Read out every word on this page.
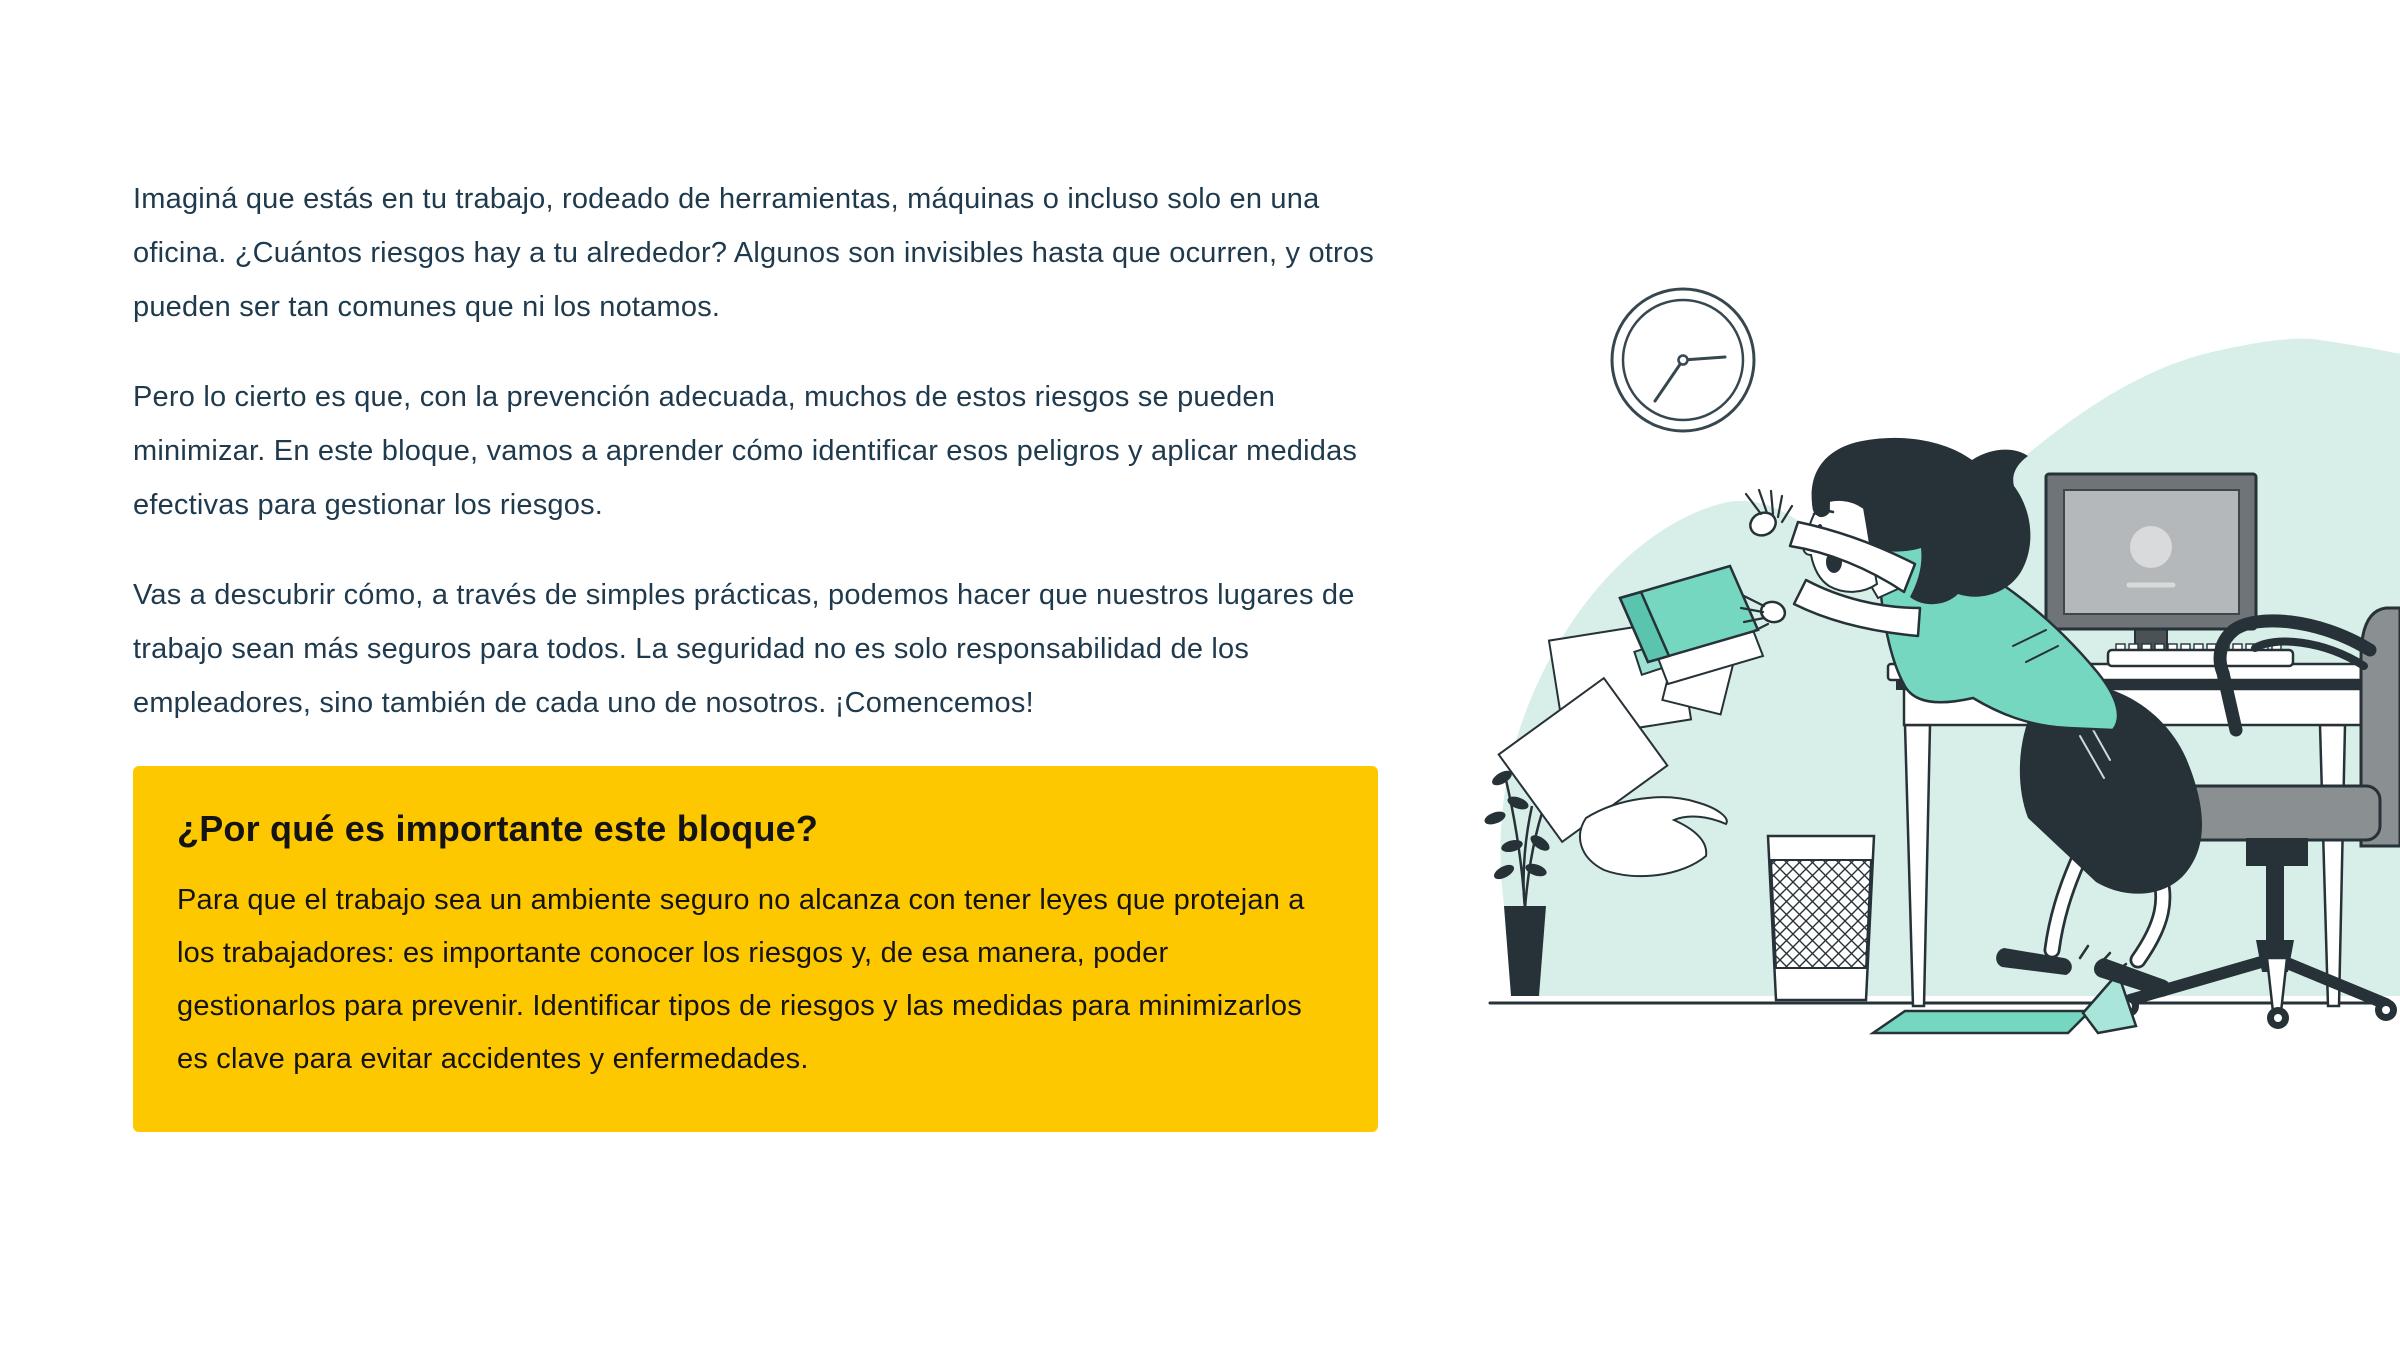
Imaginá que estás en tu trabajo, rodeado de herramientas, máquinas o incluso solo en una oficina. ¿Cuántos riesgos hay a tu alrededor? Algunos son invisibles hasta que ocurren, y otros pueden ser tan comunes que ni los notamos.

Pero lo cierto es que, con la prevención adecuada, muchos de estos riesgos se pueden minimizar. En este bloque, vamos a aprender cómo identificar esos peligros y aplicar medidas efectivas para gestionar los riesgos.

Vas a descubrir cómo, a través de simples prácticas, podemos hacer que nuestros lugares de trabajo sean más seguros para todos. La seguridad no es solo responsabilidad de los empleadores, sino también de cada uno de nosotros. ¡Comencemos!

¿Por qué es importante este bloque?

Para que el trabajo sea un ambiente seguro no alcanza con tener leyes que protejan a los trabajadores: es importante conocer los riesgos y, de esa manera, poder gestionarlos para prevenir. Identificar tipos de riesgos y las medidas para minimizarlos es clave para evitar accidentes y enfermedades.
